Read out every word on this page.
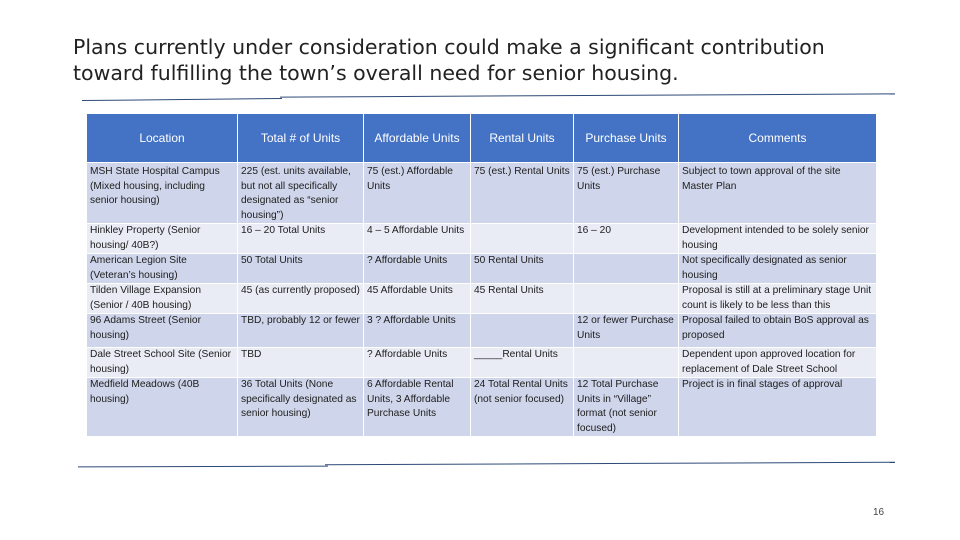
Plans currently under consideration could make a significant contribution toward fulfilling the town’s overall need for senior housing.
Location	Total # of Units	Affordable Units	Rental Units	Purchase Units	Comments
MSH State Hospital Campus (Mixed housing, including senior housing)	225 (est. units available, but not all specifically designated as “senior housing”)	75 (est.) Affordable Units	75 (est.) Rental Units	75 (est.) Purchase Units	Subject to town approval of the site Master Plan
Hinkley Property (Senior housing/ 40B?)	16 – 20 Total Units	4 – 5 Affordable Units		16 – 20	Development intended to be solely senior housing
American Legion Site (Veteran’s housing)	50 Total Units	? Affordable Units	50 Rental Units		Not specifically designated as senior housing
Tilden Village Expansion (Senior / 40B housing)	45 (as currently proposed)	45 Affordable Units	45 Rental Units		Proposal is still at a preliminary stage Unit count is likely to be less than this
96 Adams Street (Senior housing)	TBD, probably 12 or fewer	3 ? Affordable Units		12 or fewer Purchase Units	Proposal failed to obtain BoS approval as proposed
Dale Street School Site (Senior housing)	TBD	? Affordable Units	_____Rental Units		Dependent upon approved location for replacement of Dale Street School
Medfield Meadows (40B housing)	36 Total Units (None specifically designated as senior housing)	6 Affordable Rental Units, 3 Affordable Purchase Units	24 Total Rental Units (not senior focused)	12 Total Purchase Units in “Village” format (not senior focused)	Project is in final stages of approval
16
